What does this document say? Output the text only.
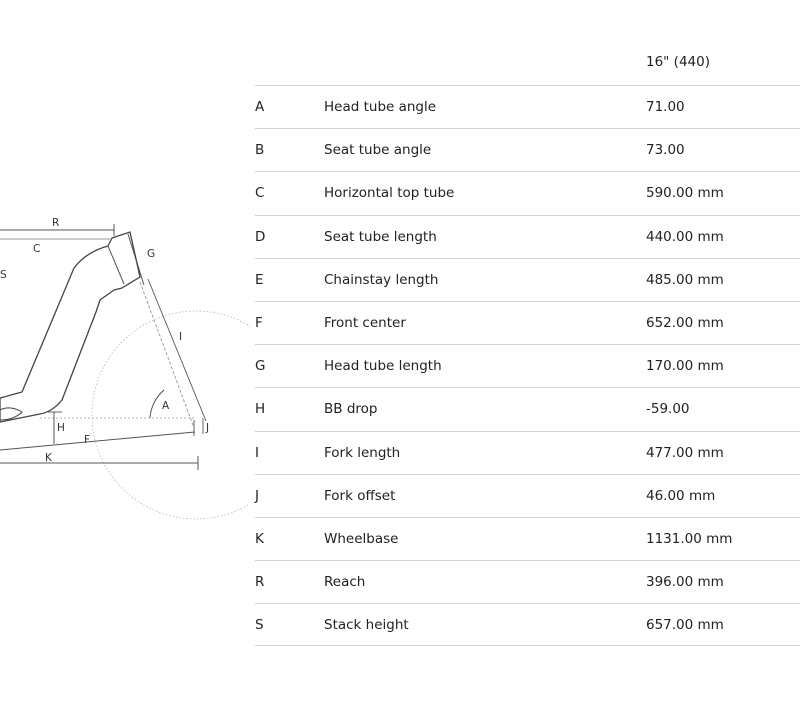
R
C
S
G
I
A
H
F
J
K
16" (440)
A	Head tube angle	71.00
B	Seat tube angle	73.00
C	Horizontal top tube	590.00 mm
D	Seat tube length	440.00 mm
E	Chainstay length	485.00 mm
F	Front center	652.00 mm
G	Head tube length	170.00 mm
H	BB drop	-59.00
I	Fork length	477.00 mm
J	Fork offset	46.00 mm
K	Wheelbase	1131.00 mm
R	Reach	396.00 mm
S	Stack height	657.00 mm
